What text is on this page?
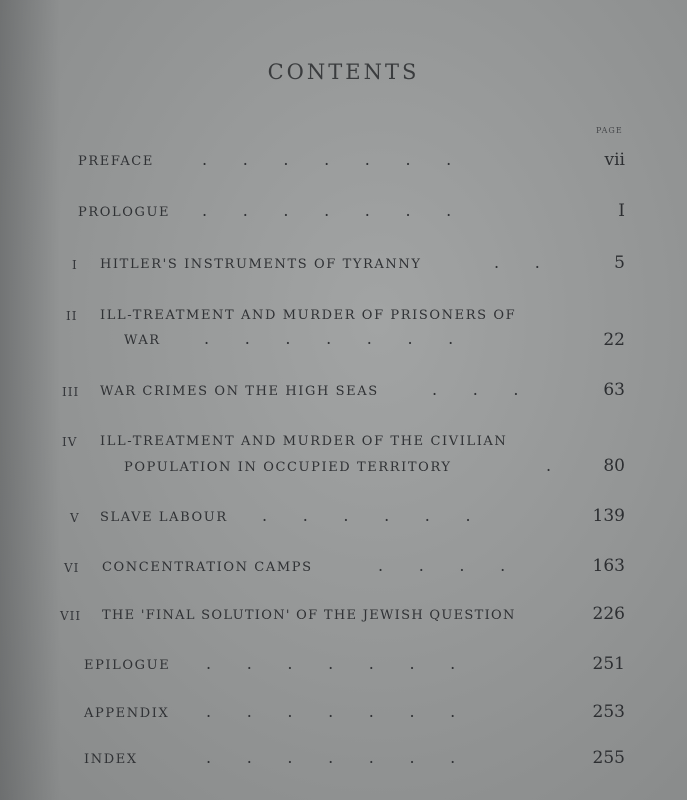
CONTENTS
PAGE
PREFACE	.       .       .       .       .       .       .	vii
PROLOGUE .       .       .       .       .       .       .	I
I HITLER'S INSTRUMENTS OF TYRANNY	.       .	5
II ILL-TREATMENT AND MURDER OF PRISONERS OF
WAR	.       .       .       .       .       .       .	22
III WAR CRIMES ON THE HIGH SEAS	.       .       .	63
IV ILL-TREATMENT AND MURDER OF THE CIVILIAN
POPULATION IN OCCUPIED TERRITORY	.	80
V SLAVE LABOUR .       .       .       .       .       .	139
VI CONCENTRATION CAMPS	.       .       .       .	163
VII THE 'FINAL SOLUTION' OF THE JEWISH QUESTION	226
EPILOGUE .       .       .       .       .       .       .	251
APPENDIX .       .       .       .       .       .       .	253
INDEX	.       .       .       .       .       .       .	255
